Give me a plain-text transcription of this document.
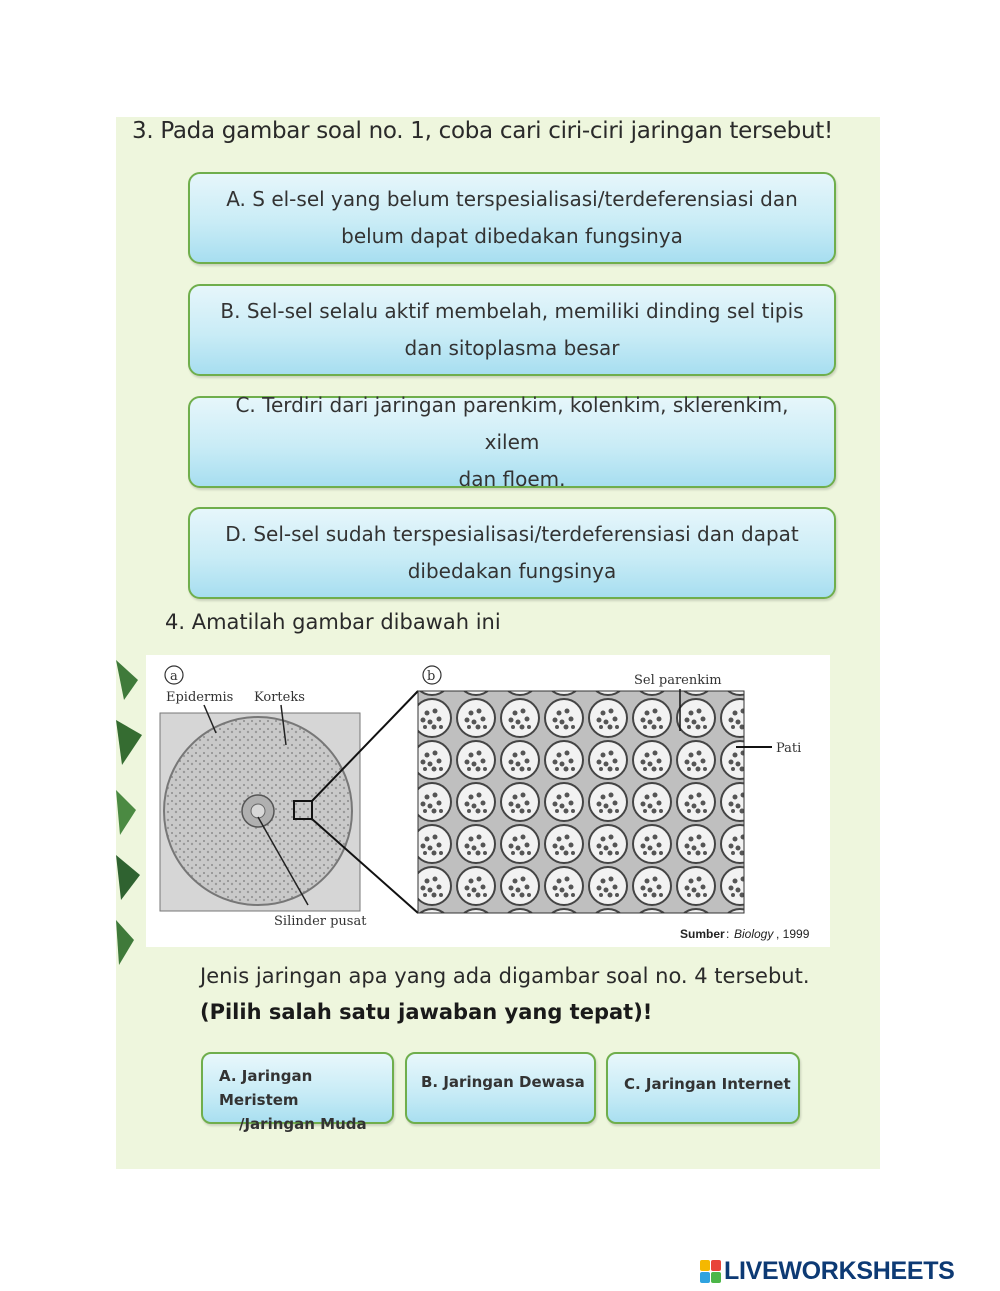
3. Pada gambar soal no. 1, coba cari ciri-ciri jaringan tersebut!
A. S el-sel yang belum terspesialisasi/terdeferensiasi dan
belum dapat dibedakan fungsinya
B. Sel-sel selalu aktif membelah, memiliki dinding sel tipis
dan sitoplasma besar
C. Terdiri dari jaringan parenkim, kolenkim, sklerenkim, xilem
dan floem.
D. Sel-sel sudah terspesialisasi/terdeferensiasi dan dapat
dibedakan fungsinya
4. Amatilah gambar dibawah ini
a
Epidermis Korteks
Silinder pusat
b	Sel parenkim
Pati
Sumber : Biology , 1999
Jenis jaringan apa yang ada digambar soal no. 4 tersebut.
(Pilih salah satu jawaban yang tepat)!
A. Jaringan Meristem
/Jaringan Muda
B. Jaringan Dewasa	C. Jaringan Internet
LIVEWORKSHEETS
